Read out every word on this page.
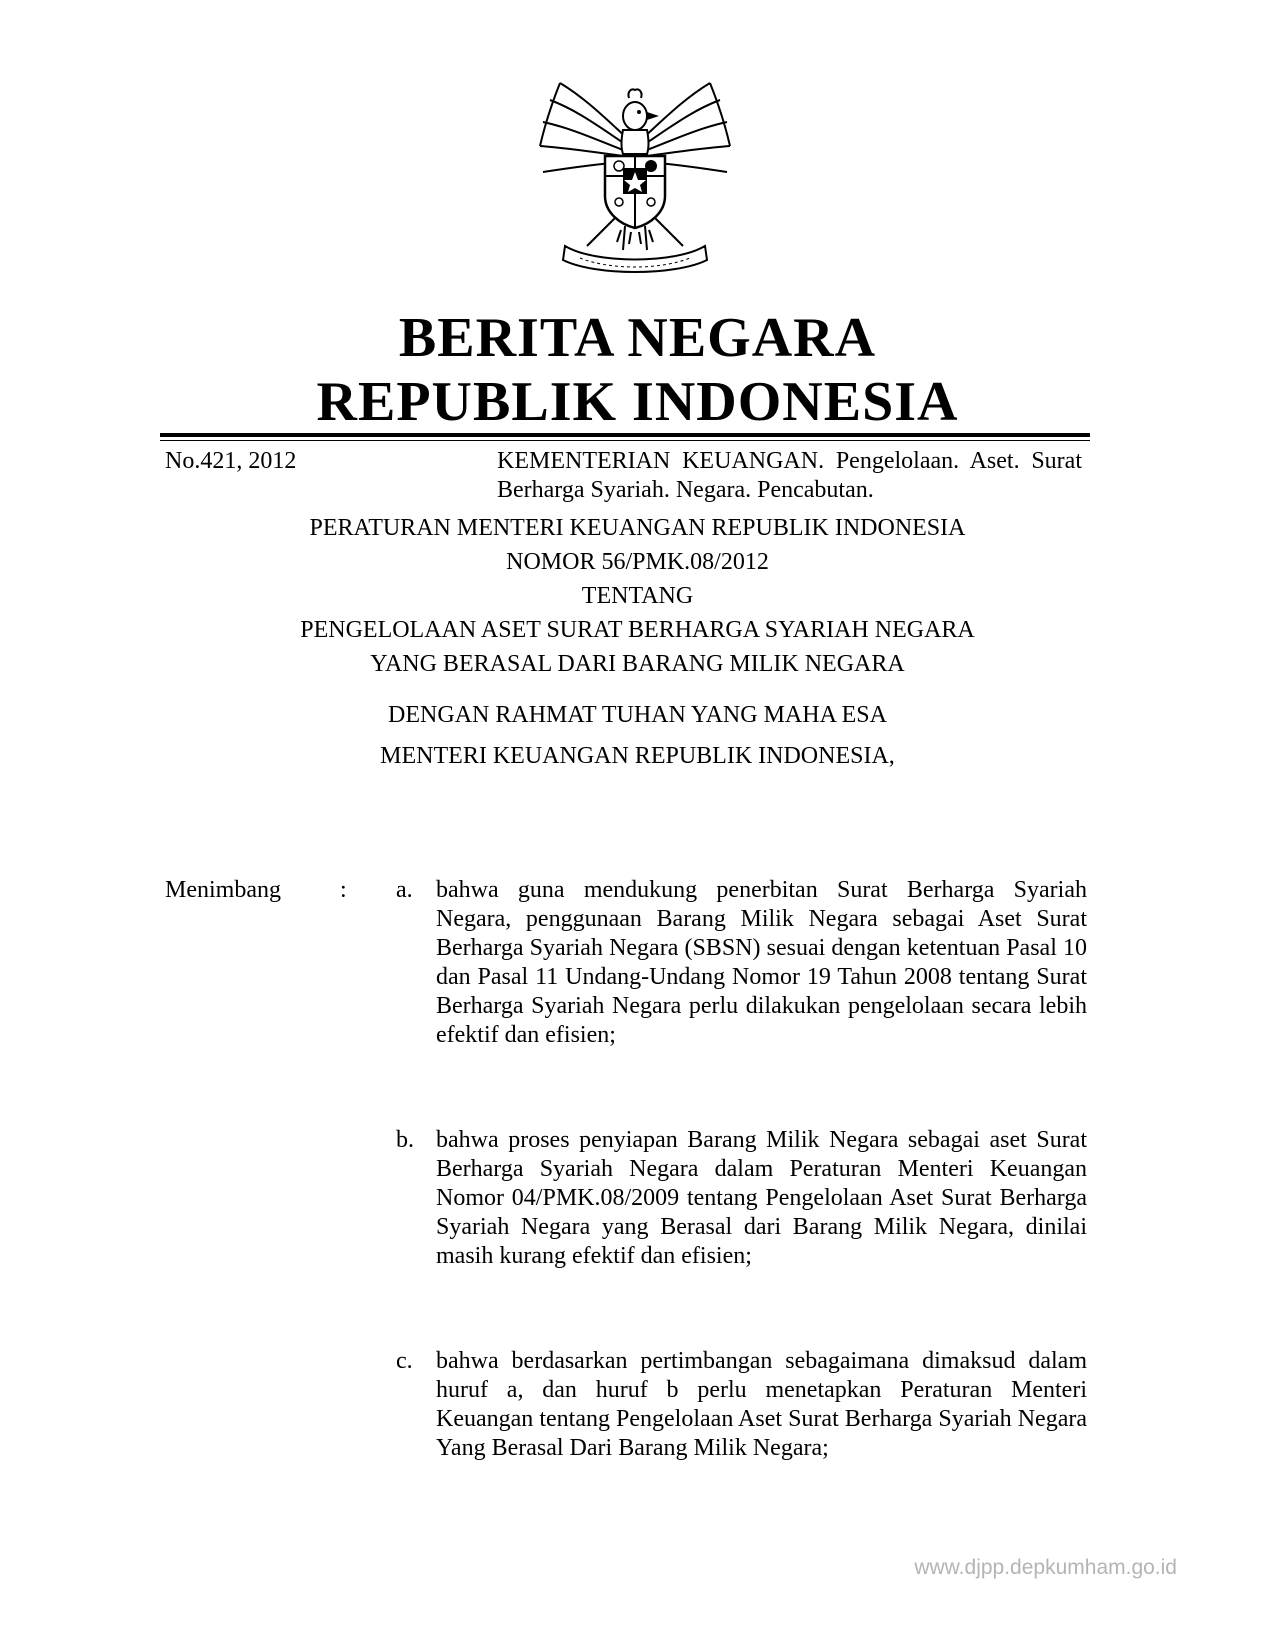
BERITA NEGARA
REPUBLIK INDONESIA
No.421, 2012	KEMENTERIAN KEUANGAN. Pengelolaan. Aset. Surat Berharga Syariah. Negara. Pencabutan.
PERATURAN MENTERI KEUANGAN REPUBLIK INDONESIA
NOMOR 56/PMK.08/2012
TENTANG
PENGELOLAAN ASET SURAT BERHARGA SYARIAH NEGARA
YANG BERASAL DARI BARANG MILIK NEGARA
DENGAN RAHMAT TUHAN YANG MAHA ESA
MENTERI KEUANGAN REPUBLIK INDONESIA,
Menimbang : a. bahwa guna mendukung penerbitan Surat Berharga Syariah Negara, penggunaan Barang Milik Negara sebagai Aset Surat Berharga Syariah Negara (SBSN) sesuai dengan ketentuan Pasal 10 dan Pasal 11 Undang-Undang Nomor 19 Tahun 2008 tentang Surat Berharga Syariah Negara perlu dilakukan pengelolaan secara lebih efektif dan efisien;
b. bahwa proses penyiapan Barang Milik Negara sebagai aset Surat Berharga Syariah Negara dalam Peraturan Menteri Keuangan Nomor 04/PMK.08/2009 tentang Pengelolaan Aset Surat Berharga Syariah Negara yang Berasal dari Barang Milik Negara, dinilai masih kurang efektif dan efisien;
c. bahwa berdasarkan pertimbangan sebagaimana dimaksud dalam huruf a, dan huruf b perlu menetapkan Peraturan Menteri Keuangan tentang Pengelolaan Aset Surat Berharga Syariah Negara Yang Berasal Dari Barang Milik Negara;
www.djpp.depkumham.go.id
